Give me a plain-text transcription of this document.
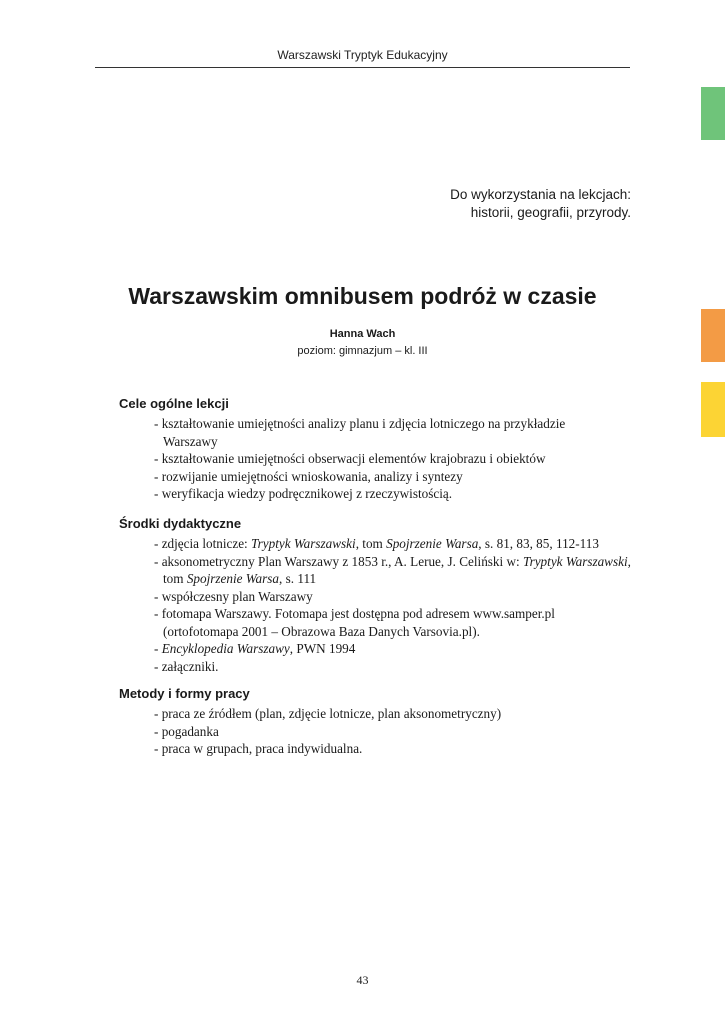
Warszawski Tryptyk Edukacyjny
Do wykorzystania na lekcjach:
historii, geografii, przyrody.
Warszawskim omnibusem podróż w czasie
Hanna Wach
poziom: gimnazjum – kl. III
Cele ogólne lekcji
- kształtowanie umiejętności analizy planu i zdjęcia lotniczego na przykładzie
Warszawy
- kształtowanie umiejętności obserwacji elementów krajobrazu i obiektów
- rozwijanie umiejętności wnioskowania, analizy i syntezy
- weryfikacja wiedzy podręcznikowej z rzeczywistością.
Środki dydaktyczne
- zdjęcia lotnicze: Tryptyk Warszawski, tom Spojrzenie Warsa, s. 81, 83, 85, 112-113
- aksonometryczny Plan Warszawy z 1853 r., A. Lerue, J. Celiński w: Tryptyk Warszawski,
tom Spojrzenie Warsa, s. 111
- współczesny plan Warszawy
- fotomapa Warszawy. Fotomapa jest dostępna pod adresem www.samper.pl
(ortofotomapa 2001 – Obrazowa Baza Danych Varsovia.pl).
- Encyklopedia Warszawy, PWN 1994
- załączniki.
Metody i formy pracy
- praca ze źródłem (plan, zdjęcie lotnicze, plan aksonometryczny)
- pogadanka
- praca w grupach, praca indywidualna.
43
